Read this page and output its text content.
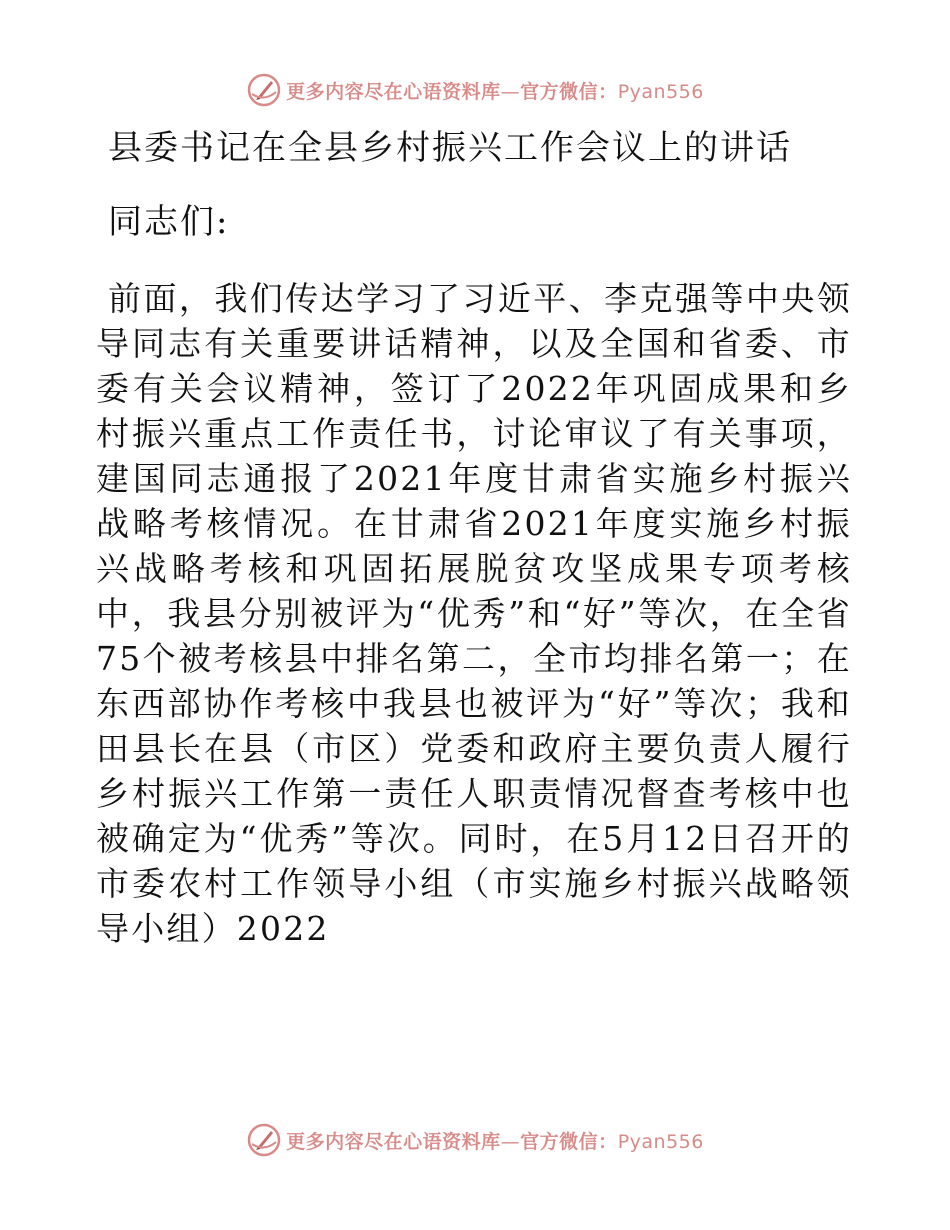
更多内容尽在心语资料库—官方微信：Pyan556
县委书记在全县乡村振兴工作会议上的讲话
同志们:

前面，我们传达学习了习近平、李克强等中央领导同志有关重要讲话精神，以及全国和省委、市委有关会议精神，签订了2022年巩固成果和乡村振兴重点工作责任书，讨论审议了有关事项，建国同志通报了2021年度甘肃省实施乡村振兴战略考核情况。在甘肃省2021年度实施乡村振兴战略考核和巩固拓展脱贫攻坚成果专项考核中，我县分别被评为“优秀”和“好”等次，在全省75个被考核县中排名第二，全市均排名第一；在东西部协作考核中我县也被评为“好”等次；我和田县长在县（市区）党委和政府主要负责人履行乡村振兴工作第一责任人职责情况督查考核中也被确定为“优秀”等次。同时，在5月12日召开的市委农村工作领导小组（市实施乡村振兴战略领导小组）2022

更多内容尽在心语资料库—官方微信：Pyan556
